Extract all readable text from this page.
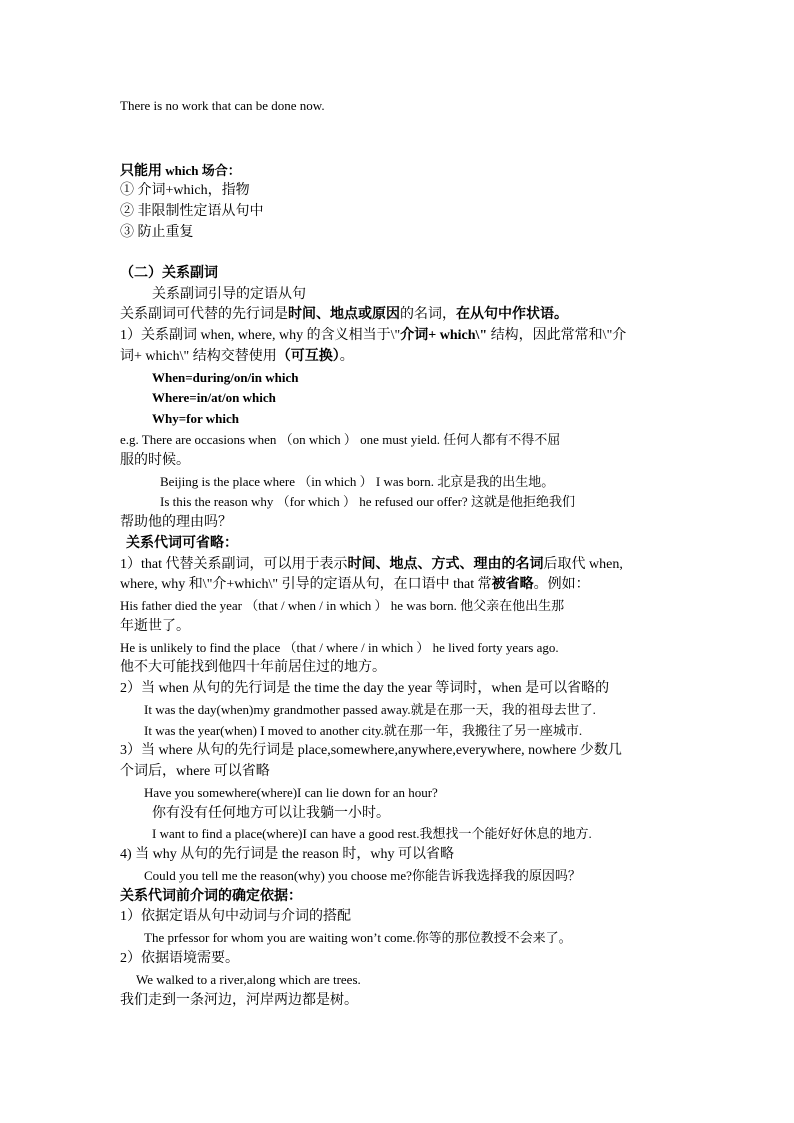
There is no work that can be done now.
只能用 which 场合：
① 介词+which，指物
② 非限制性定语从句中
③ 防止重复
（二）关系副词
关系副词引导的定语从句
关系副词可代替的先行词是时间、地点或原因的名词，在从句中作状语。
1）关系副词 when, where, why 的含义相当于\"介词+ which\" 结构，因此常常和\"介
词+ which\" 结构交替使用（可互换）。
When=during/on/in which
Where=in/at/on which
Why=for which
e.g. There are occasions when （on which ） one must yield. 任何人都有不得不屈
服的时候。
Beijing is the place where （in which ） I was born. 北京是我的出生地。
Is this the reason why （for which ） he refused our offer? 这就是他拒绝我们
帮助他的理由吗？
关系代词可省略：
1）that 代替关系副词，可以用于表示时间、地点、方式、理由的名词后取代 when,
where, why 和\"介+which\" 引导的定语从句，在口语中 that 常被省略。例如：
His father died the year （that / when / in which ） he was born. 他父亲在他出生那
年逝世了。
He is unlikely to find the place （that / where / in which ） he lived forty years ago.
他不大可能找到他四十年前居住过的地方。
2）当 when 从句的先行词是 the time the day the year 等词时，when 是可以省略的
It was the day(when)my grandmother passed away.就是在那一天，我的祖母去世了.
It was the year(when) I moved to another city.就在那一年，我搬往了另一座城市.
3）当 where 从句的先行词是 place,somewhere,anywhere,everywhere, nowhere 少数几
个词后，where 可以省略
Have you somewhere(where)I can lie down for an hour?
你有没有任何地方可以让我躺一小时。
I want to find a place(where)I can have a good rest.我想找一个能好好休息的地方.
4) 当 why 从句的先行词是 the reason 时，why 可以省略
Could you tell me the reason(why) you choose me?你能告诉我选择我的原因吗？
关系代词前介词的确定依据：
1）依据定语从句中动词与介词的搭配
The prfessor for whom you are waiting won’t come.你等的那位教授不会来了。
2）依据语境需要。
We walked to a river,along which are trees.
我们走到一条河边，河岸两边都是树。
